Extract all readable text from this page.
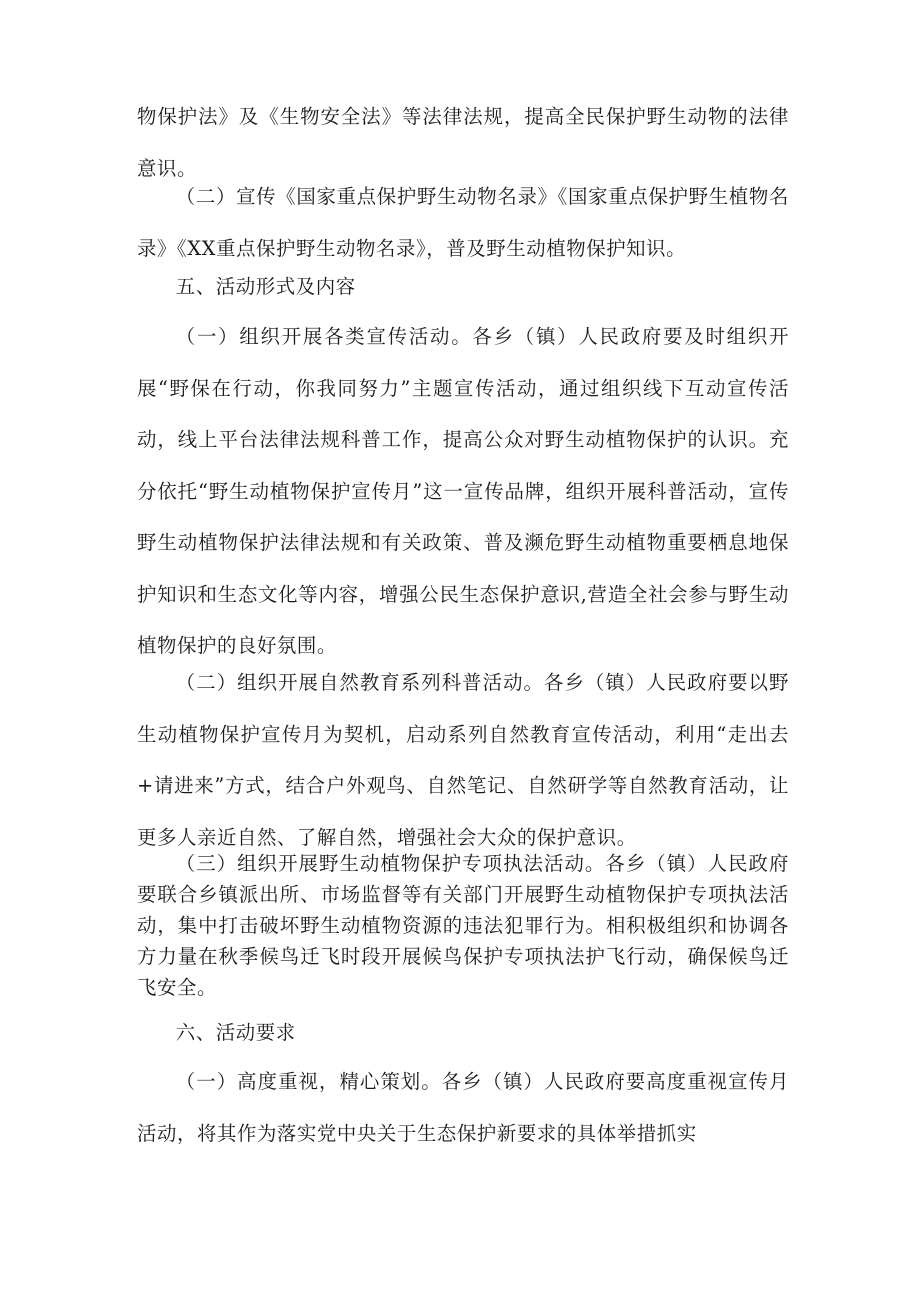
物保护法》及《生物安全法》等法律法规，提高全民保护野生动物的法律意识。

（二）宣传《国家重点保护野生动物名录》《国家重点保护野生植物名录》《XX重点保护野生动物名录》，普及野生动植物保护知识。

五、活动形式及内容

（一）组织开展各类宣传活动。各乡（镇）人民政府要及时组织开展“野保在行动，你我同努力”主题宣传活动，通过组织线下互动宣传活动，线上平台法律法规科普工作，提高公众对野生动植物保护的认识。充分依托“野生动植物保护宣传月”这一宣传品牌，组织开展科普活动，宣传野生动植物保护法律法规和有关政策、普及濒危野生动植物重要栖息地保护知识和生态文化等内容，增强公民生态保护意识,营造全社会参与野生动植物保护的良好氛围。

（二）组织开展自然教育系列科普活动。各乡（镇）人民政府要以野生动植物保护宣传月为契机，启动系列自然教育宣传活动，利用“走出去+请进来”方式，结合户外观鸟、自然笔记、自然研学等自然教育活动，让更多人亲近自然、了解自然，增强社会大众的保护意识。

（三）组织开展野生动植物保护专项执法活动。各乡（镇）人民政府要联合乡镇派出所、市场监督等有关部门开展野生动植物保护专项执法活动，集中打击破坏野生动植物资源的违法犯罪行为。相积极组织和协调各方力量在秋季候鸟迁飞时段开展候鸟保护专项执法护飞行动，确保候鸟迁飞安全。

六、活动要求

（一）高度重视，精心策划。各乡（镇）人民政府要高度重视宣传月活动，将其作为落实党中央关于生态保护新要求的具体举措抓实
